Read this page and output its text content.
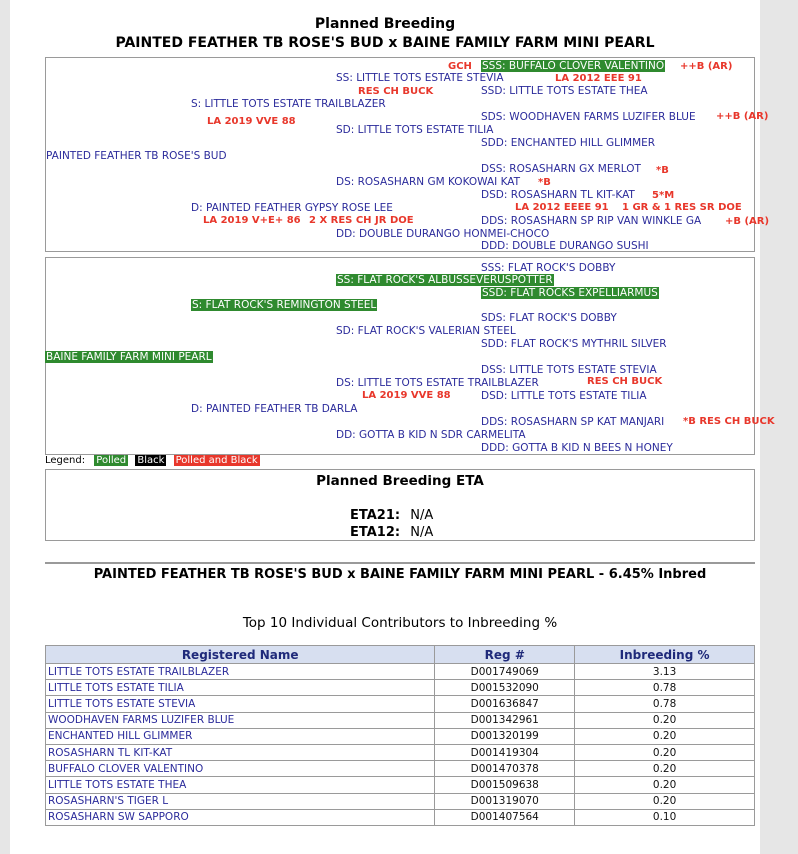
Planned Breeding
PAINTED FEATHER TB ROSE'S BUD x BAINE FAMILY FARM MINI PEARL
GCH SSS: BUFFALO CLOVER VALENTINO ++B (AR)
SS: LITTLE TOTS ESTATE STEVIA	LA 2012 EEE 91
RES CH BUCK	SSD: LITTLE TOTS ESTATE THEA
S: LITTLE TOTS ESTATE TRAILBLAZER
SDS: WOODHAVEN FARMS LUZIFER BLUE ++B (AR)
LA 2019 VVE 88
SD: LITTLE TOTS ESTATE TILIA
SDD: ENCHANTED HILL GLIMMER
PAINTED FEATHER TB ROSE'S BUD
DSS: ROSASHARN GX MERLOT *B
DS: ROSASHARN GM KOKOWAI KAT *B
DSD: ROSASHARN TL KIT-KAT 5*M
D: PAINTED FEATHER GYPSY ROSE LEE	LA 2012 EEEE 91 1 GR & 1 RES SR DOE
LA 2019 V+E+ 86 2 X RES CH JR DOE	DDS: ROSASHARN SP RIP VAN WINKLE GA +B (AR)
DD: DOUBLE DURANGO HONMEI-CHOCO
DDD: DOUBLE DURANGO SUSHI
SSS: FLAT ROCK'S DOBBY
SS: FLAT ROCK'S ALBUSSEVERUSPOTTER
SSD: FLAT ROCKS EXPELLIARMUS
S: FLAT ROCK'S REMINGTON STEEL
SDS: FLAT ROCK'S DOBBY
SD: FLAT ROCK'S VALERIAN STEEL
SDD: FLAT ROCK'S MYTHRIL SILVER
BAINE FAMILY FARM MINI PEARL
DSS: LITTLE TOTS ESTATE STEVIA
DS: LITTLE TOTS ESTATE TRAILBLAZER	RES CH BUCK
LA 2019 VVE 88	DSD: LITTLE TOTS ESTATE TILIA
D: PAINTED FEATHER TB DARLA
DDS: ROSASHARN SP KAT MANJARI *B RES CH BUCK
DD: GOTTA B KID N SDR CARMELITA
DDD: GOTTA B KID N BEES N HONEY
Legend: Polled Black Polled and Black
Planned Breeding ETA
ETA21: N/A
ETA12: N/A
PAINTED FEATHER TB ROSE'S BUD x BAINE FAMILY FARM MINI PEARL - 6.45% Inbred
Top 10 Individual Contributors to Inbreeding %
Registered Name	Reg #	Inbreeding %
LITTLE TOTS ESTATE TRAILBLAZER	D001749069	3.13
LITTLE TOTS ESTATE TILIA	D001532090	0.78
LITTLE TOTS ESTATE STEVIA	D001636847	0.78
WOODHAVEN FARMS LUZIFER BLUE	D001342961	0.20
ENCHANTED HILL GLIMMER	D001320199	0.20
ROSASHARN TL KIT-KAT	D001419304	0.20
BUFFALO CLOVER VALENTINO	D001470378	0.20
LITTLE TOTS ESTATE THEA	D001509638	0.20
ROSASHARN'S TIGER L	D001319070	0.20
ROSASHARN SW SAPPORO	D001407564	0.10
